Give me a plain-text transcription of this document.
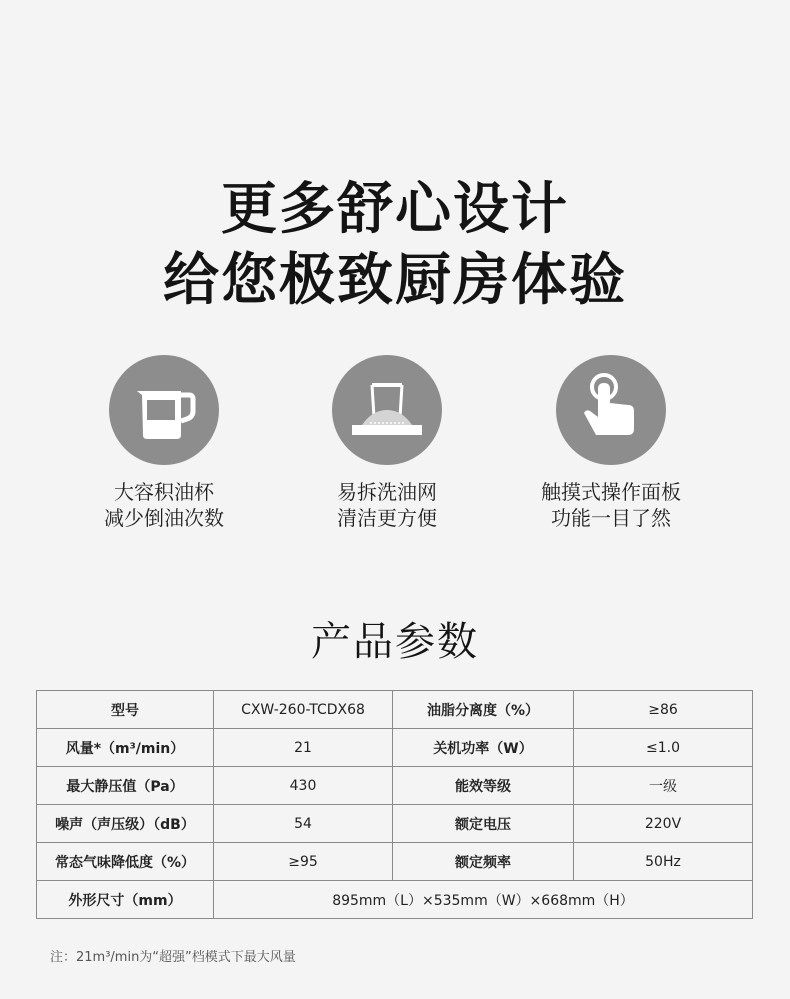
更多舒心设计
给您极致厨房体验
大容积油杯
减少倒油次数
易拆洗油网
清洁更方便
触摸式操作面板
功能一目了然
产品参数
型号	CXW-260-TCDX68	油脂分离度（%）	≥86
风量*（m³/min）	21	关机功率（W）	≤1.0
最大静压值（Pa）	430	能效等级	一级
噪声（声压级）（dB）	54	额定电压	220V
常态气味降低度（%）	≥95	额定频率	50Hz
外形尺寸（mm）	895mm（L）×535mm（W）×668mm（H）		
注：21m³/min为“超强”档模式下最大风量
